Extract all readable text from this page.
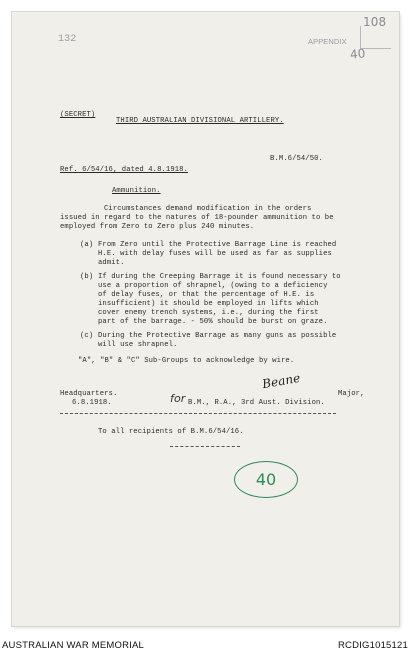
132	APPENDIX
108
40
(SECRET)
THIRD AUSTRALIAN DIVISIONAL ARTILLERY.
B.M.6/54/50.
Ref. 6/54/16, dated 4.8.1918.
Ammunition.
Circumstances demand modification in the orders
issued in regard to the natures of 18-pounder ammunition to be
employed from Zero to Zero plus 240 minutes.
(a) From Zero until the Protective Barrage Line is reached
H.E. with delay fuses will be used as far as supplies
admit.
(b) If during the Creeping Barrage it is found necessary to
use a proportion of shrapnel, (owing to a deficiency
of delay fuses, or that the percentage of H.E. is
insufficient) it should be employed in lifts which
cover enemy trench systems, i.e., during the first
part of the barrage. - 50% should be burst on graze.
(c) During the Protective Barrage as many guns as possible
will use shrapnel.
"A", "B" & "C" Sub-Groups to acknowledge by wire.
Headquarters.
6.8.1918.	for
Beane
Major,
B.M., R.A., 3rd Aust. Division.
To all recipients of B.M.6/54/16.
40
AUSTRALIAN WAR MEMORIAL	RCDIG1015121
